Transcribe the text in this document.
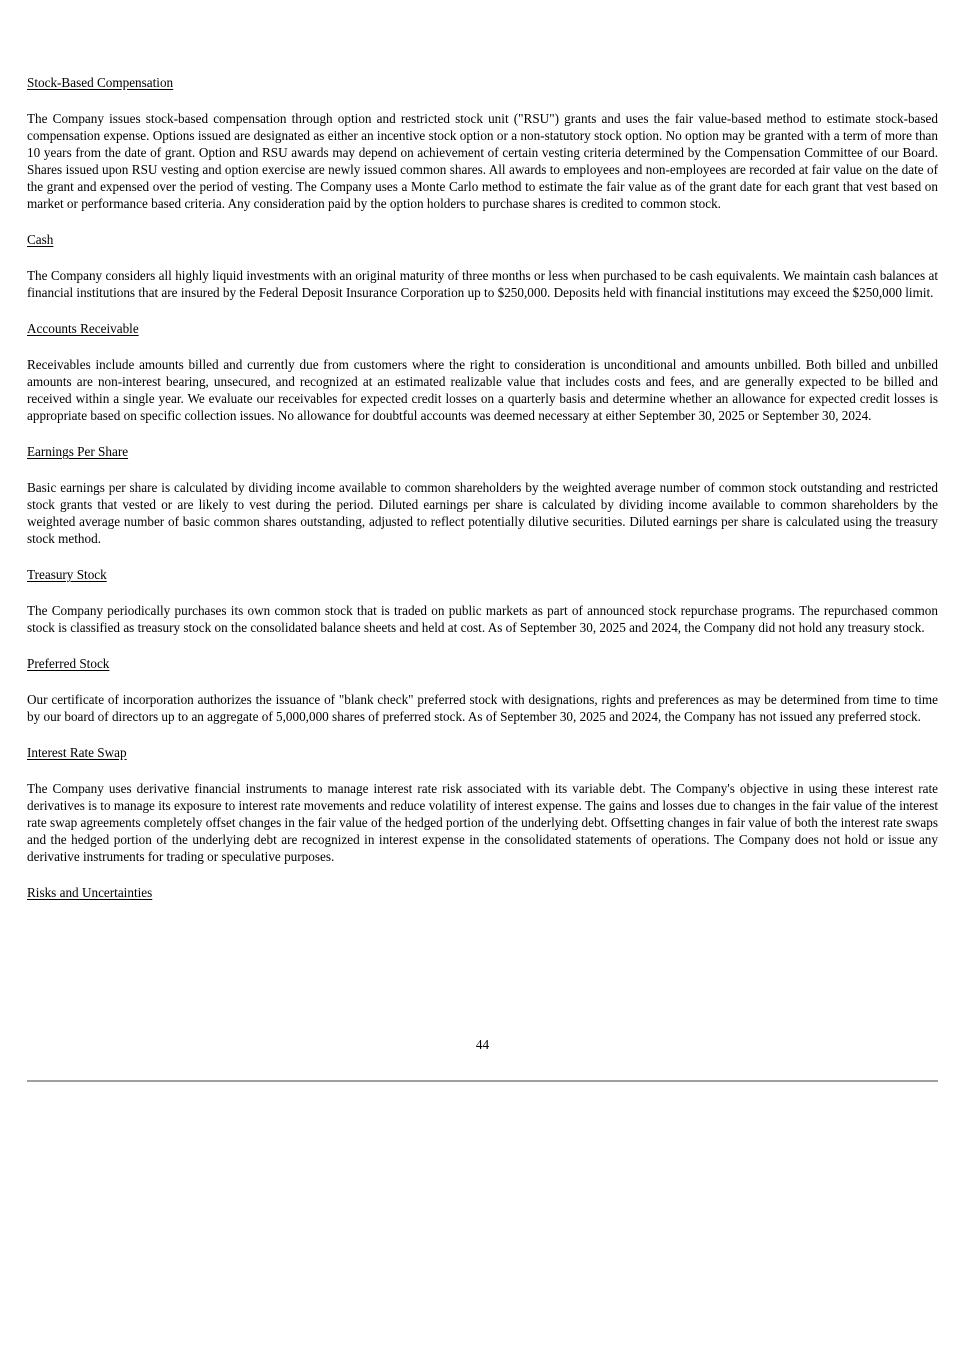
Stock-Based Compensation

The Company issues stock-based compensation through option and restricted stock unit ("RSU") grants and uses the fair value-based method to estimate stock-based compensation expense. Options issued are designated as either an incentive stock option or a non-statutory stock option. No option may be granted with a term of more than 10 years from the date of grant. Option and RSU awards may depend on achievement of certain vesting criteria determined by the Compensation Committee of our Board. Shares issued upon RSU vesting and option exercise are newly issued common shares. All awards to employees and non-employees are recorded at fair value on the date of the grant and expensed over the period of vesting. The Company uses a Monte Carlo method to estimate the fair value as of the grant date for each grant that vest based on market or performance based criteria. Any consideration paid by the option holders to purchase shares is credited to common stock.

Cash

The Company considers all highly liquid investments with an original maturity of three months or less when purchased to be cash equivalents. We maintain cash balances at financial institutions that are insured by the Federal Deposit Insurance Corporation up to $250,000. Deposits held with financial institutions may exceed the $250,000 limit.

Accounts Receivable

Receivables include amounts billed and currently due from customers where the right to consideration is unconditional and amounts unbilled. Both billed and unbilled amounts are non-interest bearing, unsecured, and recognized at an estimated realizable value that includes costs and fees, and are generally expected to be billed and received within a single year. We evaluate our receivables for expected credit losses on a quarterly basis and determine whether an allowance for expected credit losses is appropriate based on specific collection issues. No allowance for doubtful accounts was deemed necessary at either September 30, 2025 or September 30, 2024.

Earnings Per Share

Basic earnings per share is calculated by dividing income available to common shareholders by the weighted average number of common stock outstanding and restricted stock grants that vested or are likely to vest during the period. Diluted earnings per share is calculated by dividing income available to common shareholders by the weighted average number of basic common shares outstanding, adjusted to reflect potentially dilutive securities. Diluted earnings per share is calculated using the treasury stock method.

Treasury Stock

The Company periodically purchases its own common stock that is traded on public markets as part of announced stock repurchase programs. The repurchased common stock is classified as treasury stock on the consolidated balance sheets and held at cost. As of September 30, 2025 and 2024, the Company did not hold any treasury stock.

Preferred Stock

Our certificate of incorporation authorizes the issuance of "blank check" preferred stock with designations, rights and preferences as may be determined from time to time by our board of directors up to an aggregate of 5,000,000 shares of preferred stock. As of September 30, 2025 and 2024, the Company has not issued any preferred stock.

Interest Rate Swap

The Company uses derivative financial instruments to manage interest rate risk associated with its variable debt. The Company's objective in using these interest rate derivatives is to manage its exposure to interest rate movements and reduce volatility of interest expense. The gains and losses due to changes in the fair value of the interest rate swap agreements completely offset changes in the fair value of the hedged portion of the underlying debt. Offsetting changes in fair value of both the interest rate swaps and the hedged portion of the underlying debt are recognized in interest expense in the consolidated statements of operations. The Company does not hold or issue any derivative instruments for trading or speculative purposes.

Risks and Uncertainties

44
